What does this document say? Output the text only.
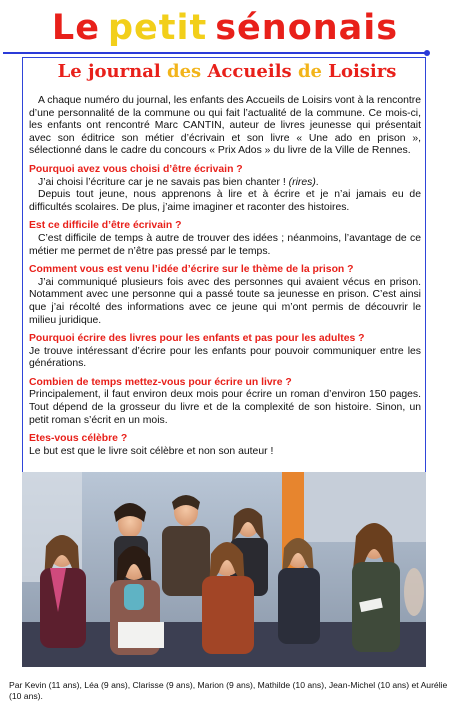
Le petit sénonais
Le journal des Accueils de Loisirs

A chaque numéro du journal, les enfants des Accueils de Loisirs vont à la rencontre d’une personnalité de la commune ou qui fait l’actualité de la commune. Ce mois-ci, les enfants ont rencontré Marc CANTIN, auteur de livres jeunesse qui présentait avec son éditrice son métier d’écrivain et son livre « Une ado en prison », sélectionné dans le cadre du concours « Prix Ados » du livre de la Ville de Rennes.

Pourquoi avez vous choisi d’être écrivain ?

J’ai choisi l’écriture car je ne savais pas bien chanter ! (rires).

Depuis tout jeune, nous apprenons à lire et à écrire et je n’ai jamais eu de difficultés scolaires. De plus, j’aime imaginer et raconter des histoires.

Est ce difficile d’être écrivain ?

C’est difficile de temps à autre de trouver des idées ; néanmoins, l’avantage de ce métier me permet de n’être pas pressé par le temps.

Comment vous est venu l’idée d’écrire sur le thème de la prison ?

J’ai communiqué plusieurs fois avec des personnes qui avaient vécus en prison. Notamment avec une personne qui a passé toute sa jeunesse en prison. C’est ainsi que j’ai récolté des informations avec ce jeune qui m’ont permis de découvrir le milieu juridique.

Pourquoi écrire des livres pour les enfants et pas pour les adultes ?

Je trouve intéressant d’écrire pour les enfants pour pouvoir communiquer entre les générations.

Combien de temps mettez-vous pour écrire un livre ?

Principalement, il faut environ deux mois pour écrire un roman d’environ 150 pages. Tout dépend de la grosseur du livre et de la complexité de son histoire. Sinon, un petit roman s’écrit en un mois.

Etes-vous célèbre ?

Le but est que le livre soit célèbre et non son auteur !

Par Kevin (11 ans), Léa (9 ans), Clarisse (9 ans), Marion (9 ans), Mathilde (10 ans), Jean-Michel (10 ans) et Aurélie (10 ans).
